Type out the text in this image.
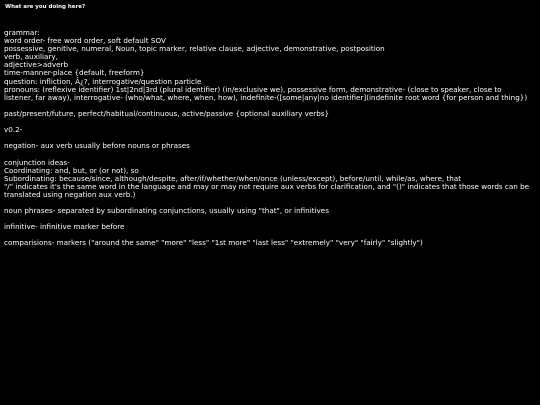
What are you doing here?
grammar:
word order- free word order, soft default SOV
possessive, genitive, numeral, Noun, topic marker, relative clause, adjective, demonstrative, postposition
verb, auxiliary,
adjective>adverb
time-manner-place {default, freeform}
question: infliction, Â¿?, interrogative/question particle
pronouns: (reflexive identifier) 1st|2nd|3rd (plural identifier) (in/exclusive we), possessive form, demonstrative- (close to speaker, close to listener, far away), interrogative- (who/what, where, when, how), indefinite-([some|any|no identifier](indefinite root word {for person and thing})
past/present/future, perfect/habitual/continuous, active/passive {optional auxiliary verbs}
v0.2-
negation- aux verb usually before nouns or phrases
conjunction ideas-
Coordinating: and, but, or (or not), so
Subordinating: because/since, although/despite, after/if/whether/when/once (unless/except), before/until, while/as, where, that
"/" indicates it's the same word in the language and may or may not require aux verbs for clarification, and "()" indicates that those words can be translated using negation aux verb.)
noun phrases- separated by subordinating conjunctions, usually using "that", or infinitives
infinitive- infinitive marker before
comparisions- markers ("around the same" "more" "less" "1st more" "last less" "extremely" "very" "fairly" "slightly")
